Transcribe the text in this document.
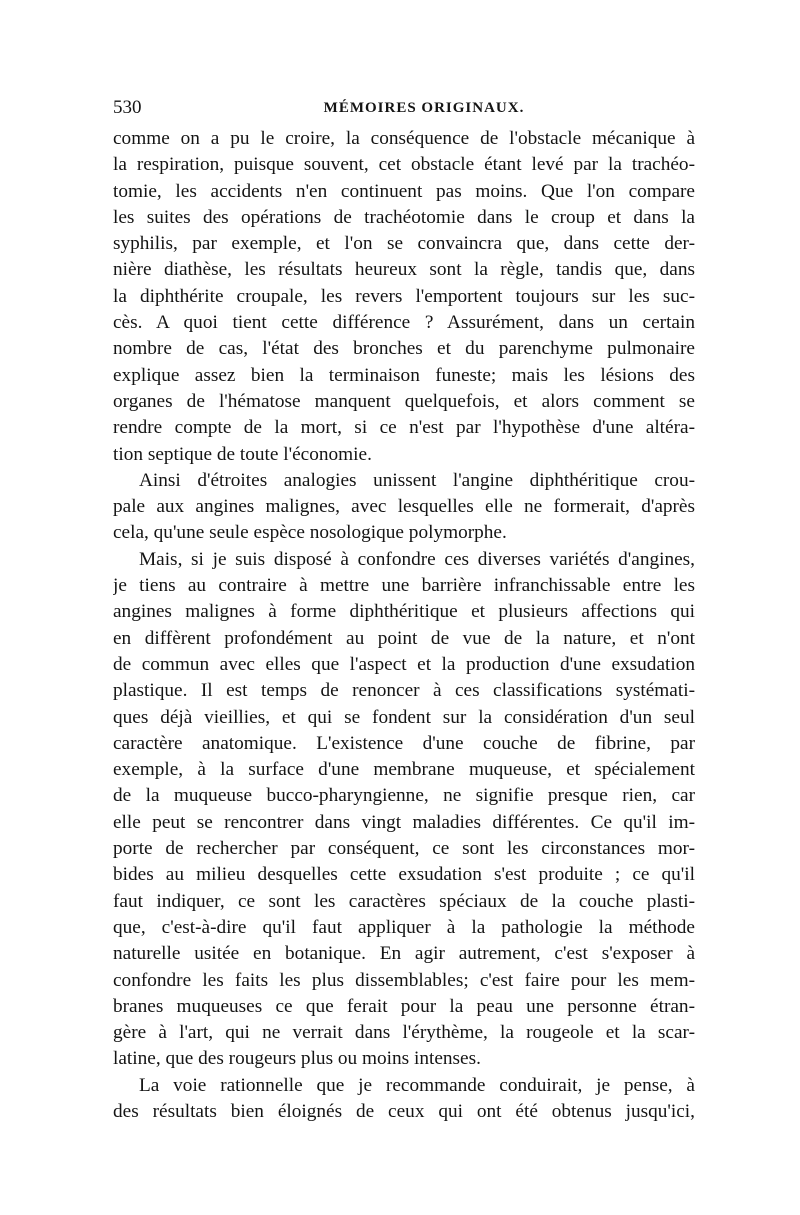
530	MÉMOIRES ORIGINAUX.
comme on a pu le croire, la conséquence de l'obstacle mécanique à
la respiration, puisque souvent, cet obstacle étant levé par la trachéo-
tomie, les accidents n'en continuent pas moins. Que l'on compare
les suites des opérations de trachéotomie dans le croup et dans la
syphilis, par exemple, et l'on se convaincra que, dans cette der-
nière diathèse, les résultats heureux sont la règle, tandis que, dans
la diphthérite croupale, les revers l'emportent toujours sur les suc-
cès. A quoi tient cette différence ? Assurément, dans un certain
nombre de cas, l'état des bronches et du parenchyme pulmonaire
explique assez bien la terminaison funeste; mais les lésions des
organes de l'hématose manquent quelquefois, et alors comment se
rendre compte de la mort, si ce n'est par l'hypothèse d'une altéra-
tion septique de toute l'économie.
Ainsi d'étroites analogies unissent l'angine diphthéritique crou-
pale aux angines malignes, avec lesquelles elle ne formerait, d'après
cela, qu'une seule espèce nosologique polymorphe.
Mais, si je suis disposé à confondre ces diverses variétés d'angines,
je tiens au contraire à mettre une barrière infranchissable entre les
angines malignes à forme diphthéritique et plusieurs affections qui
en diffèrent profondément au point de vue de la nature, et n'ont
de commun avec elles que l'aspect et la production d'une exsudation
plastique. Il est temps de renoncer à ces classifications systémati-
ques déjà vieillies, et qui se fondent sur la considération d'un seul
caractère anatomique. L'existence d'une couche de fibrine, par
exemple, à la surface d'une membrane muqueuse, et spécialement
de la muqueuse bucco-pharyngienne, ne signifie presque rien, car
elle peut se rencontrer dans vingt maladies différentes. Ce qu'il im-
porte de rechercher par conséquent, ce sont les circonstances mor-
bides au milieu desquelles cette exsudation s'est produite ; ce qu'il
faut indiquer, ce sont les caractères spéciaux de la couche plasti-
que, c'est-à-dire qu'il faut appliquer à la pathologie la méthode
naturelle usitée en botanique. En agir autrement, c'est s'exposer à
confondre les faits les plus dissemblables; c'est faire pour les mem-
branes muqueuses ce que ferait pour la peau une personne étran-
gère à l'art, qui ne verrait dans l'érythème, la rougeole et la scar-
latine, que des rougeurs plus ou moins intenses.
La voie rationnelle que je recommande conduirait, je pense, à
des résultats bien éloignés de ceux qui ont été obtenus jusqu'ici,
